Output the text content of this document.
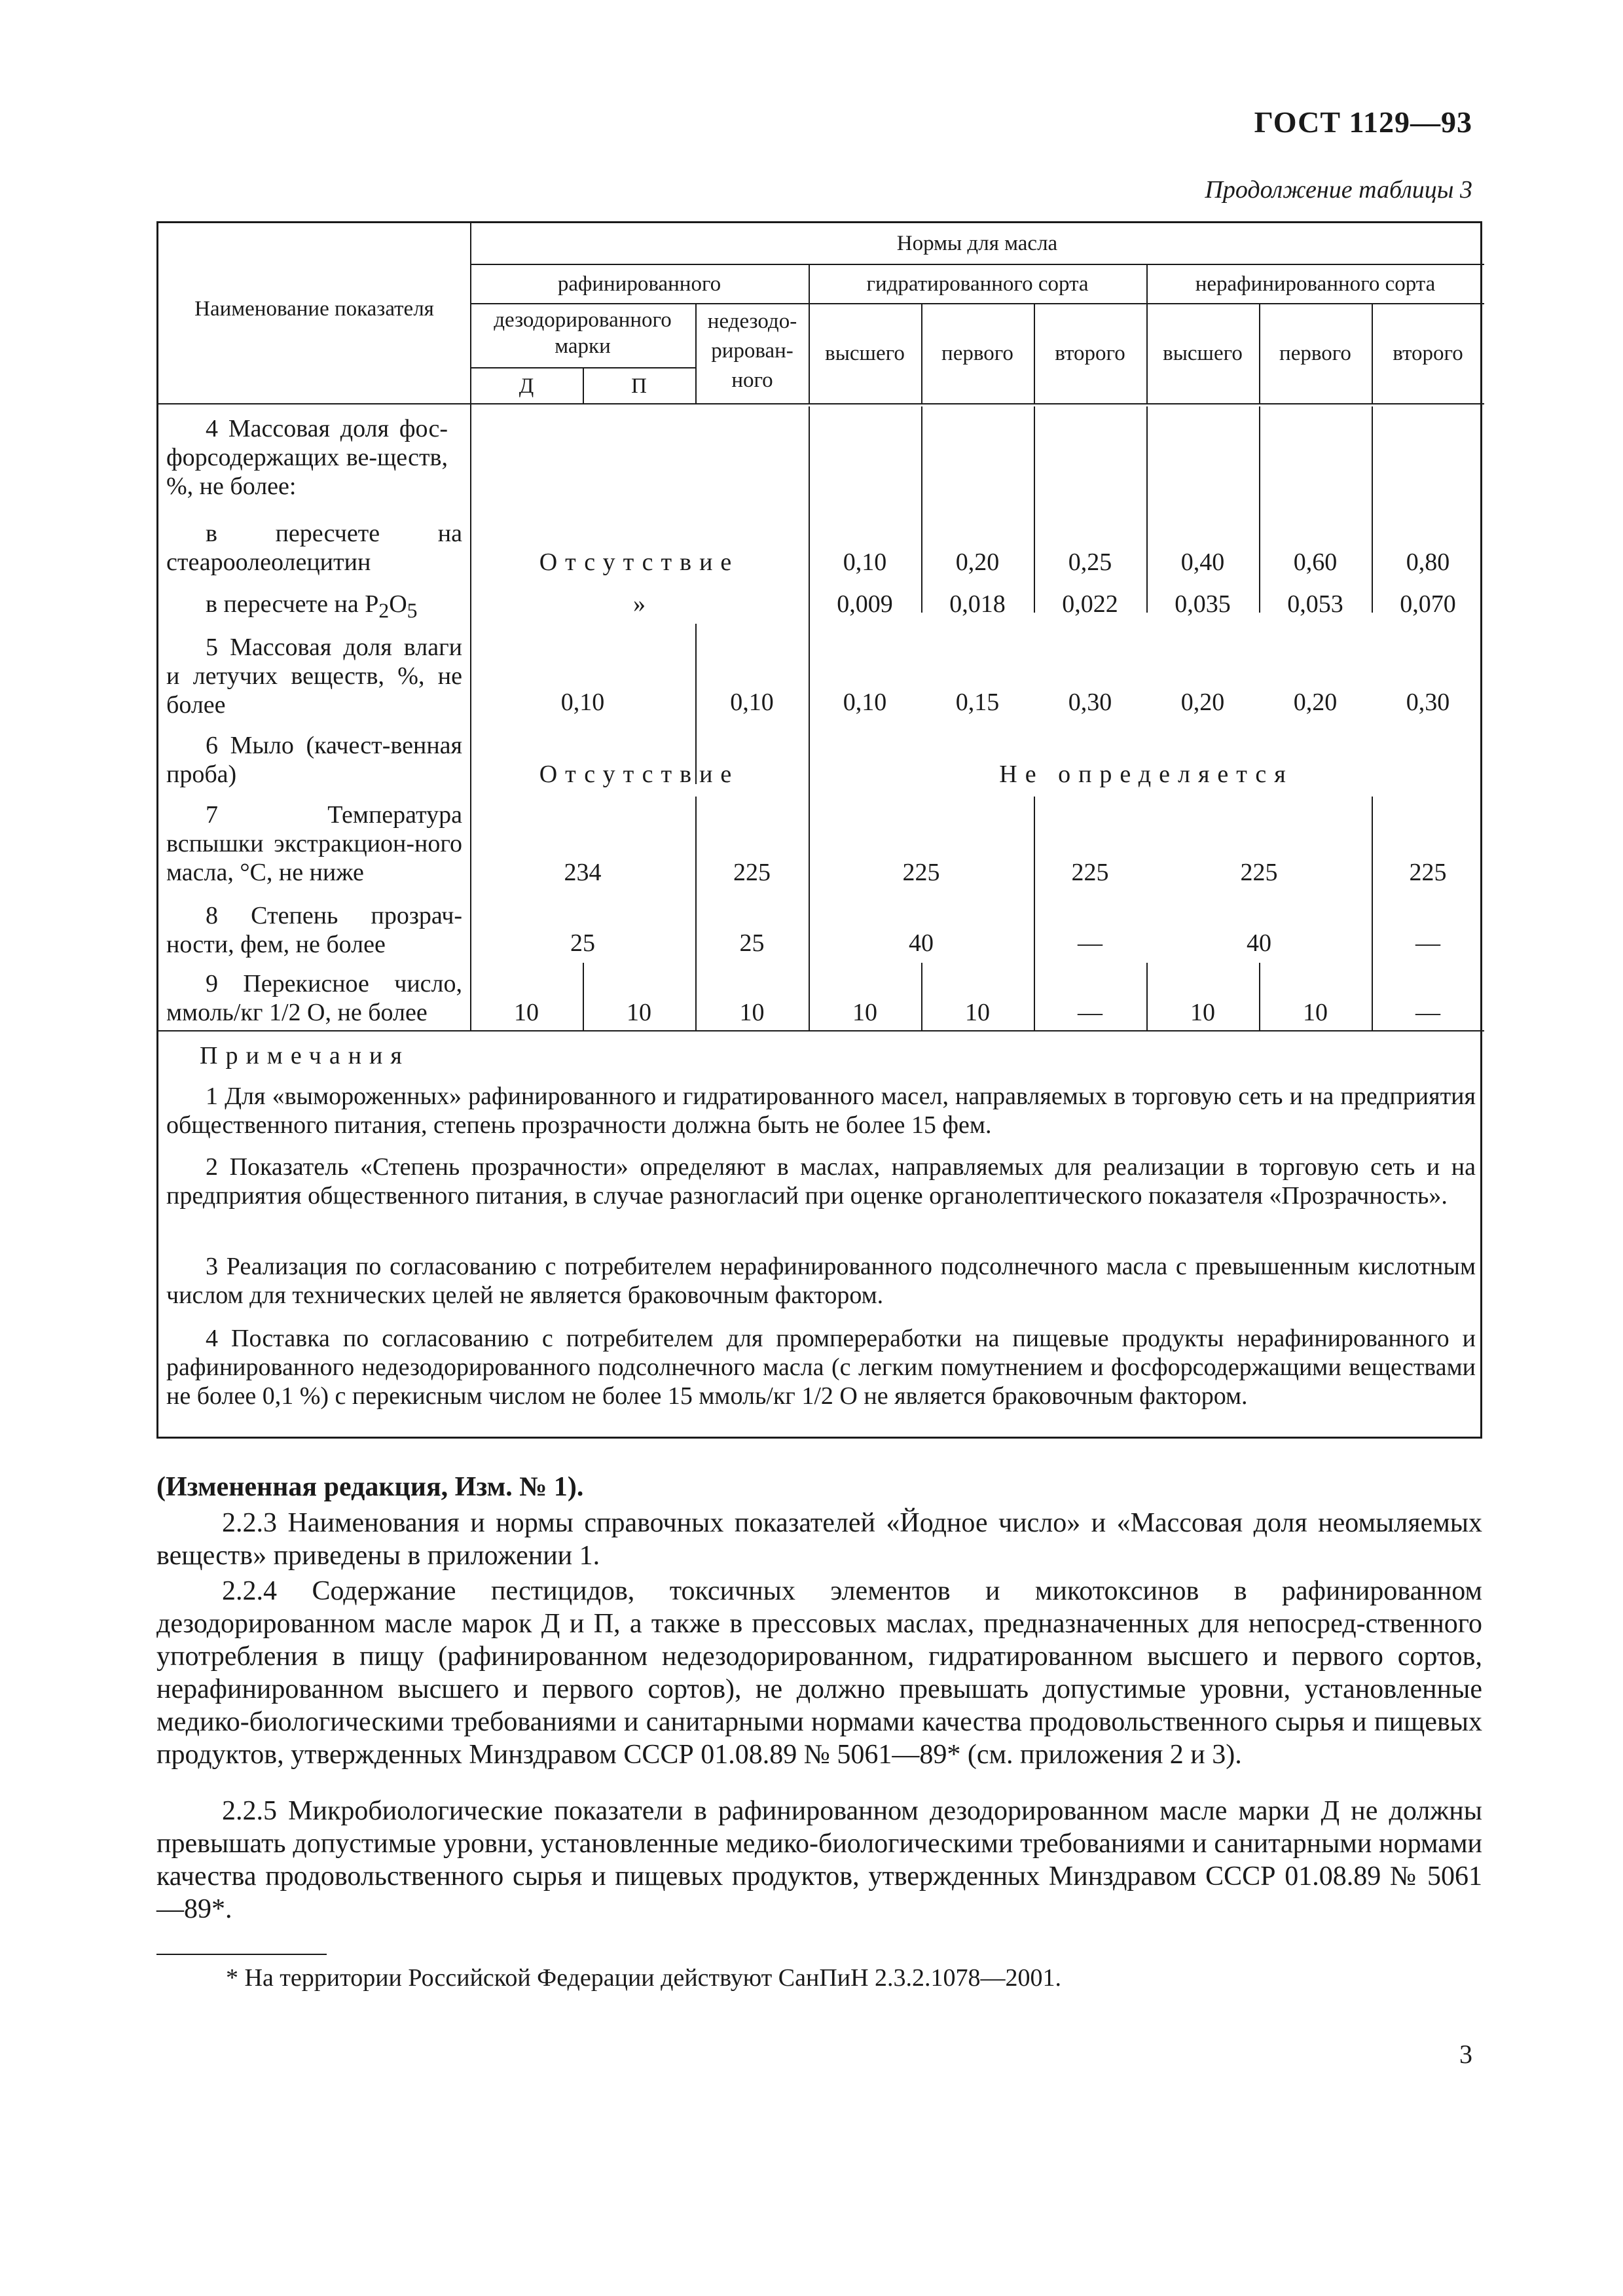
ГОСТ 1129—93
Продолжение таблицы 3
Наименование показателя
Нормы для масла
рафинированного	гидратированного сорта	нерафинированного сорта
дезодорированного марки
недезодо-рирован-ного
Д	П
высшего	первого	второго	высшего	первого	второго
4 Массовая доля фос-форсодержащих ве-ществ, %, не более:
в пересчете на стеароолеолецитин	Отсутствие	0,10	0,20	0,25	0,40	0,60	0,80
в пересчете на $P_2O_5$	»	0,009	0,018	0,022	0,035	0,053	0,070
5 Массовая доля влаги и летучих веществ, %, не более	0,10	0,10	0,10	0,15	0,30	0,20	0,20	0,30
6 Мыло (качест-венная проба)	Отсутствие	Не определяется
7 Температура вспышки экстракцион-ного масла, °С, не ниже	234	225	225	225	225	225
8 Степень прозрач-ности, фем, не более	25	25	40	—	40	—
9 Перекисное число, ммоль/кг 1/2 О, не более	10	10	10	10	10	—	10	10	—
Примечания
1 Для «вымороженных» рафинированного и гидратированного масел, направляемых в торговую сеть и на предприятия общественного питания, степень прозрачности должна быть не более 15 фем.
2 Показатель «Степень прозрачности» определяют в маслах, направляемых для реализации в торговую сеть и на предприятия общественного питания, в случае разногласий при оценке органолептического показателя «Прозрачность».
3 Реализация по согласованию с потребителем нерафинированного подсолнечного масла с превышенным кислотным числом для технических целей не является браковочным фактором.
4 Поставка по согласованию с потребителем для промпереработки на пищевые продукты нерафинированного и рафинированного недезодорированного подсолнечного масла (с легким помутнением и фосфорсодержащими веществами не более 0,1 %) с перекисным числом не более 15 ммоль/кг 1/2 О не является браковочным фактором.
(Измененная редакция, Изм. № 1).
2.2.3 Наименования и нормы справочных показателей «Йодное число» и «Массовая доля неомыляемых веществ» приведены в приложении 1.
2.2.4 Содержание пестицидов, токсичных элементов и микотоксинов в рафинированном дезодорированном масле марок Д и П, а также в прессовых маслах, предназначенных для непосред-ственного употребления в пищу (рафинированном недезодорированном, гидратированном высшего и первого сортов, нерафинированном высшего и первого сортов), не должно превышать допустимые уровни, установленные медико-биологическими требованиями и санитарными нормами качества продовольственного сырья и пищевых продуктов, утвержденных Минздравом СССР 01.08.89 № 5061—89* (см. приложения 2 и 3).
2.2.5 Микробиологические показатели в рафинированном дезодорированном масле марки Д не должны превышать допустимые уровни, установленные медико-биологическими требованиями и санитарными нормами качества продовольственного сырья и пищевых продуктов, утвержденных Минздравом СССР 01.08.89 № 5061—89*.
* На территории Российской Федерации действуют СанПиН 2.3.2.1078—2001.
3
